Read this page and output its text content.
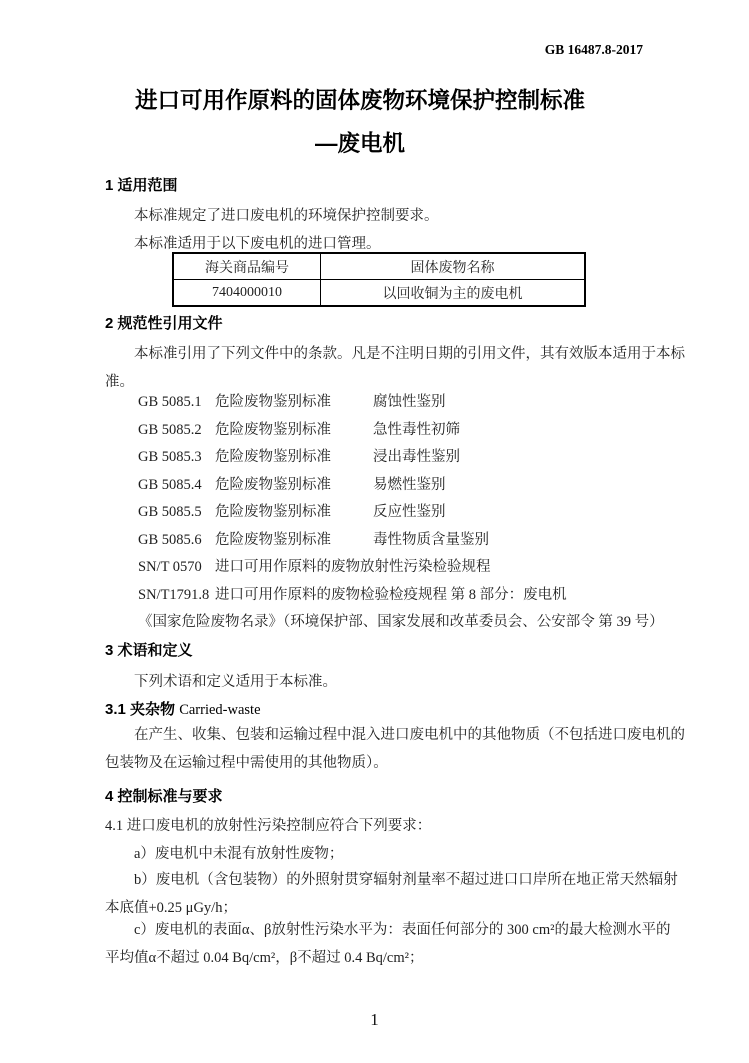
GB 16487.8-2017
进口可用作原料的固体废物环境保护控制标准
—废电机
1 适用范围
本标准规定了进口废电机的环境保护控制要求。
本标准适用于以下废电机的进口管理。
海关商品编号	固体废物名称
7404000010	以回收铜为主的废电机
2 规范性引用文件
本标准引用了下列文件中的条款。凡是不注明日期的引用文件，其有效版本适用于本标
准。
GB 5085.1 危险废物鉴别标准	腐蚀性鉴别
GB 5085.2 危险废物鉴别标准	急性毒性初筛
GB 5085.3 危险废物鉴别标准	浸出毒性鉴别
GB 5085.4 危险废物鉴别标准	易燃性鉴别
GB 5085.5 危险废物鉴别标准	反应性鉴别
GB 5085.6 危险废物鉴别标准	毒性物质含量鉴别
SN/T 0570 进口可用作原料的废物放射性污染检验规程
SN/T1791.8 进口可用作原料的废物检验检疫规程 第 8 部分：废电机
《国家危险废物名录》（环境保护部、国家发展和改革委员会、公安部令 第 39 号）
3 术语和定义
下列术语和定义适用于本标准。
3.1 夹杂物 Carried-waste
在产生、收集、包装和运输过程中混入进口废电机中的其他物质（不包括进口废电机的
包装物及在运输过程中需使用的其他物质）。
4 控制标准与要求
4.1 进口废电机的放射性污染控制应符合下列要求：
a）废电机中未混有放射性废物；
b）废电机（含包装物）的外照射贯穿辐射剂量率不超过进口口岸所在地正常天然辐射
本底值+0.25 μGy/h；
c）废电机的表面α、β放射性污染水平为：表面任何部分的 300 cm²的最大检测水平的
平均值α不超过 0.04 Bq/cm²，β不超过 0.4 Bq/cm²；
1
